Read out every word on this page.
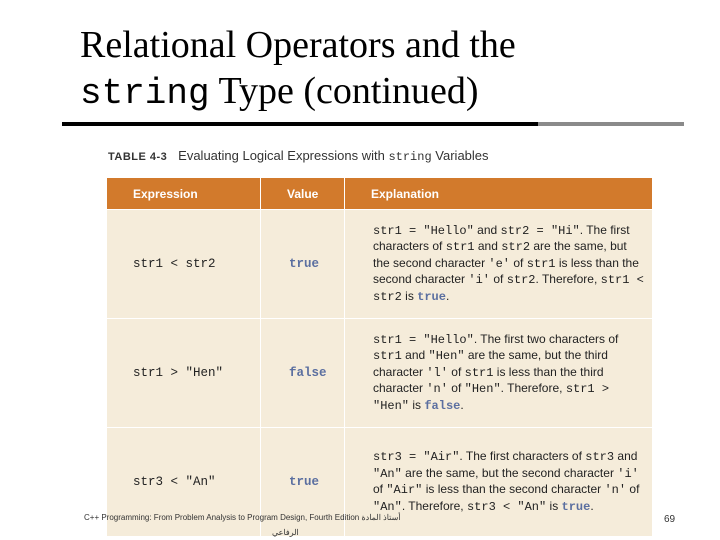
Relational Operators and the
string Type (continued)
TABLE 4-3 Evaluating Logical Expressions with string Variables
Expression	Value	Explanation
str1 < str2	true	str1 = "Hello" and str2 = "Hi". The first characters of str1 and str2 are the same, but the second character 'e' of str1 is less than the second character 'i' of str2. Therefore, str1 < str2 is true.
str1 > "Hen"	false	str1 = "Hello". The first two characters of str1 and "Hen" are the same, but the third character 'l' of str1 is less than the third character 'n' of "Hen". Therefore, str1 > "Hen" is false.
str3 < "An"	true	str3 = "Air". The first characters of str3 and "An" are the same, but the second character 'i' of "Air" is less than the second character 'n' of "An". Therefore, str3 < "An" is true.
C++ Programming: From Problem Analysis to Program Design, Fourth Edition أستاذ المادة
الرفاعي
69
